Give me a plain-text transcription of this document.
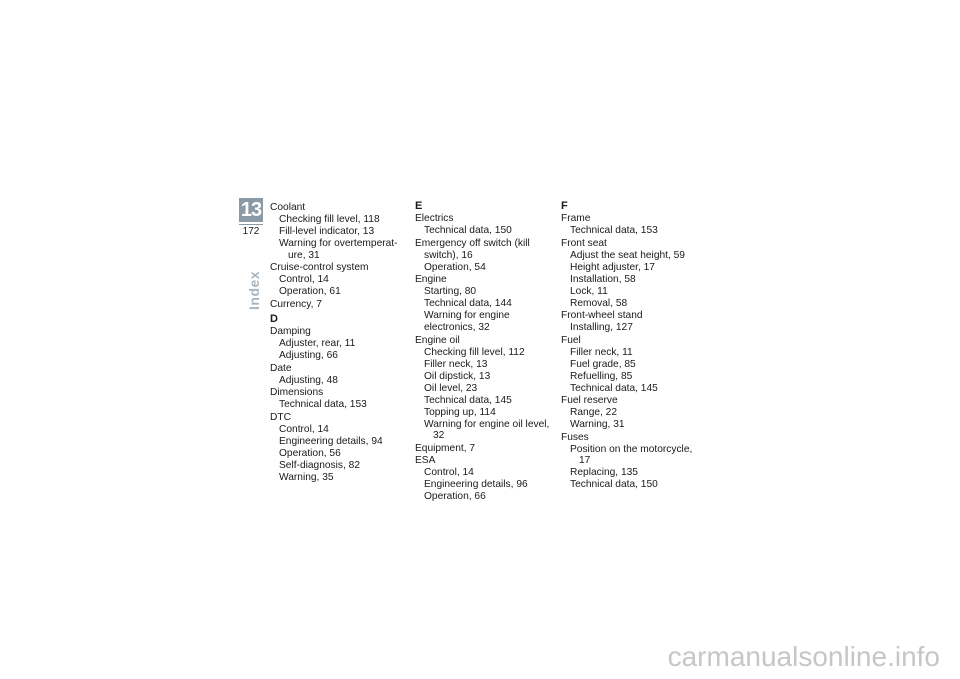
13
172
Index
Coolant
Checking fill level, 118
Fill-level indicator, 13
Warning for overtemperat- ure, 31
Cruise-control system
Control, 14
Operation, 61
Currency, 7
D
Damping
Adjuster, rear, 11
Adjusting, 66
Date
Adjusting, 48
Dimensions
Technical data, 153
DTC
Control, 14
Engineering details, 94
Operation, 56
Self-diagnosis, 82
Warning, 35
E
Electrics
Technical data, 150
Emergency off switch (kill
switch), 16
Operation, 54
Engine
Starting, 80
Technical data, 144
Warning for engine
electronics, 32
Engine oil
Checking fill level, 112
Filler neck, 13
Oil dipstick, 13
Oil level, 23
Technical data, 145
Topping up, 114
Warning for engine oil level, 32
Equipment, 7
ESA
Control, 14
Engineering details, 96
Operation, 66
F
Frame
Technical data, 153
Front seat
Adjust the seat height, 59
Height adjuster, 17
Installation, 58
Lock, 11
Removal, 58
Front-wheel stand
Installing, 127
Fuel
Filler neck, 11
Fuel grade, 85
Refuelling, 85
Technical data, 145
Fuel reserve
Range, 22
Warning, 31
Fuses
Position on the motorcycle, 17
Replacing, 135
Technical data, 150
carmanualsonline.info
